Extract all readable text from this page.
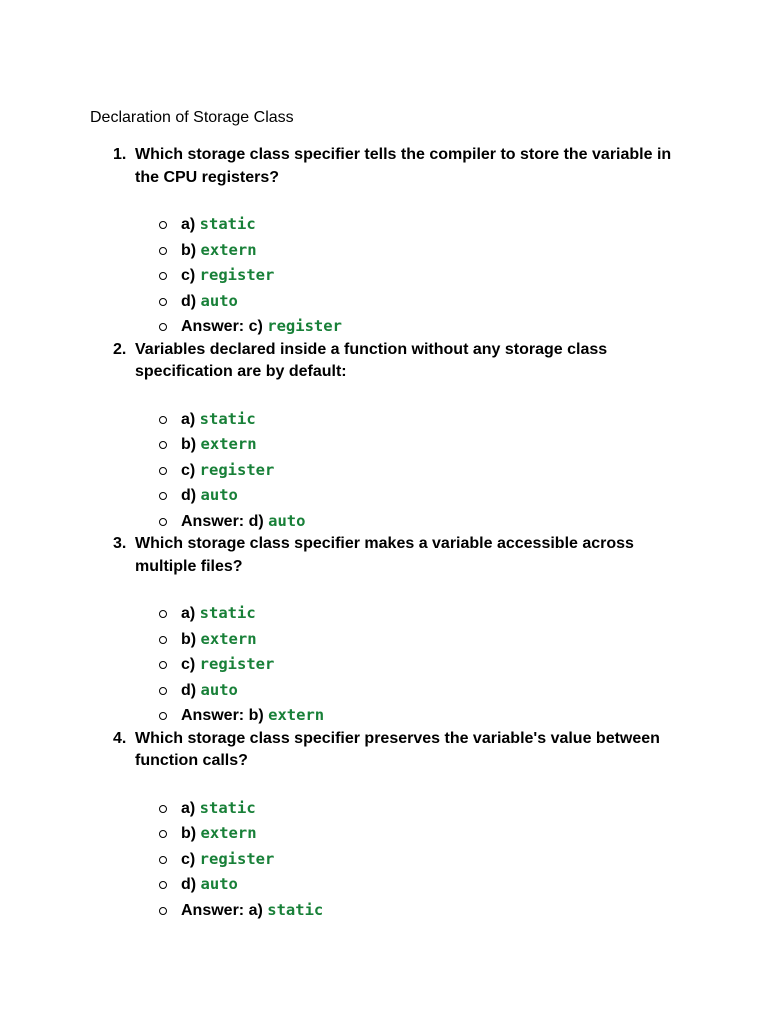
Declaration of Storage Class
1. Which storage class specifier tells the compiler to store the variable in the CPU registers?

a) static
b) extern
c) register
d) auto
Answer: c) register
2. Variables declared inside a function without any storage class specification are by default:

a) static
b) extern
c) register
d) auto
Answer: d) auto
3. Which storage class specifier makes a variable accessible across multiple files?

a) static
b) extern
c) register
d) auto
Answer: b) extern
4. Which storage class specifier preserves the variable's value between function calls?

a) static
b) extern
c) register
d) auto
Answer: a) static
